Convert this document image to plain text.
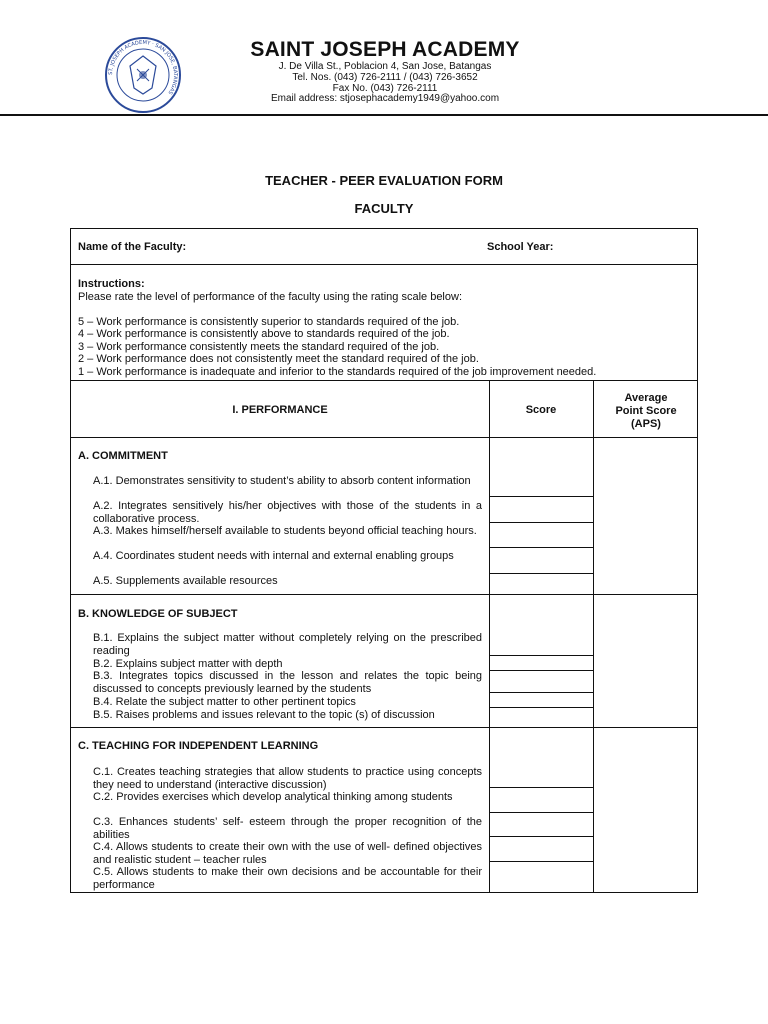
ST. JOSEPH ACADEMY · SAN JOSE, BATANGAS
SAINT JOSEPH ACADEMY
J. De Villa St., Poblacion 4, San Jose, Batangas
Tel. Nos. (043) 726-2111 / (043) 726-3652
Fax No. (043) 726-2111
Email address: stjosephacademy1949@yahoo.com
TEACHER - PEER EVALUATION FORM
FACULTY
Name of the Faculty:	School Year:
Instructions:
Please rate the level of performance of the faculty using the rating scale below:
5 – Work performance is consistently superior to standards required of the job.
4 – Work performance is consistently above to standards required of the job.
3 – Work performance consistently meets the standard required of the job.
2 – Work performance does not consistently meet the standard required of the job.
1 – Work performance is inadequate and inferior to the standards required of the job improvement needed.
I. PERFORMANCE	Score
Average
Point Score
(APS)
A. COMMITMENT
A.1. Demonstrates sensitivity to student’s ability to absorb content information
A.2. Integrates sensitively his/her objectives with those of the students in a collaborative process.
A.3. Makes himself/herself available to students beyond official teaching hours.
A.4. Coordinates student needs with internal and external enabling groups
A.5. Supplements available resources
B. KNOWLEDGE OF SUBJECT
B.1. Explains the subject matter without completely relying on the prescribed reading
B.2. Explains subject matter with depth
B.3. Integrates topics discussed in the lesson and relates the topic being discussed to concepts previously learned by the students
B.4. Relate the subject matter to other pertinent topics
B.5. Raises problems and issues relevant to the topic (s) of discussion
C. TEACHING FOR INDEPENDENT LEARNING
C.1. Creates teaching strategies that allow students to practice using concepts they need to understand (interactive discussion)
C.2. Provides exercises which develop analytical thinking among students
C.3. Enhances students’ self- esteem through the proper recognition of the abilities
C.4. Allows students to create their own with the use of well- defined objectives and realistic student – teacher rules
C.5. Allows students to make their own decisions and be accountable for their performance
